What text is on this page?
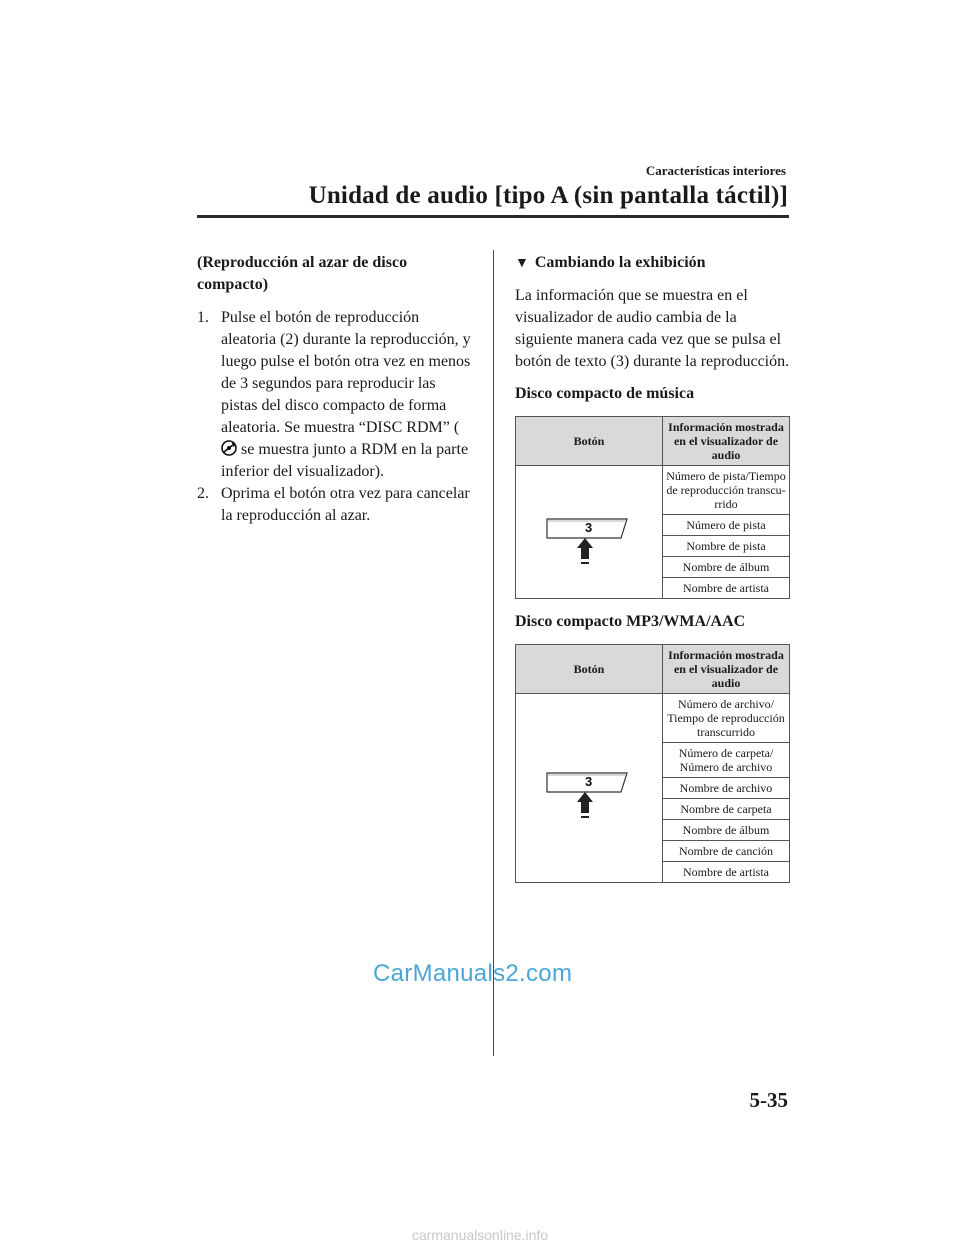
Características interiores
Unidad de audio [tipo A (sin pantalla táctil)]
(Reproducción al azar de disco compacto)
1. Pulse el botón de reproducción aleatoria (2) durante la reproducción, y luego pulse el botón otra vez en menos de 3 segundos para reproducir las pistas del disco compacto de forma aleatoria. Se muestra “DISC RDM” ( se muestra junto a RDM en la parte inferior del visualizador).
2. Oprima el botón otra vez para cancelar la reproducción al azar.
▼ Cambiando la exhibición

La información que se muestra en el visualizador de audio cambia de la siguiente manera cada vez que se pulsa el botón de texto (3) durante la reproducción.

Disco compacto de música
Botón	Información mostrada en el visualizador de audio

3	Número de pista/Tiempo de reproducción transcu-rrido
	Número de pista
	Nombre de pista
	Nombre de álbum
	Nombre de artista
Disco compacto MP3/WMA/AAC
Botón	Información mostrada en el visualizador de audio

3	Número de archivo/ Tiempo de reproducción transcurrido
	Número de carpeta/ Número de archivo
	Nombre de archivo
	Nombre de carpeta
	Nombre de álbum
	Nombre de canción
	Nombre de artista
CarManuals2.com
5-35
carmanualsonline.info
